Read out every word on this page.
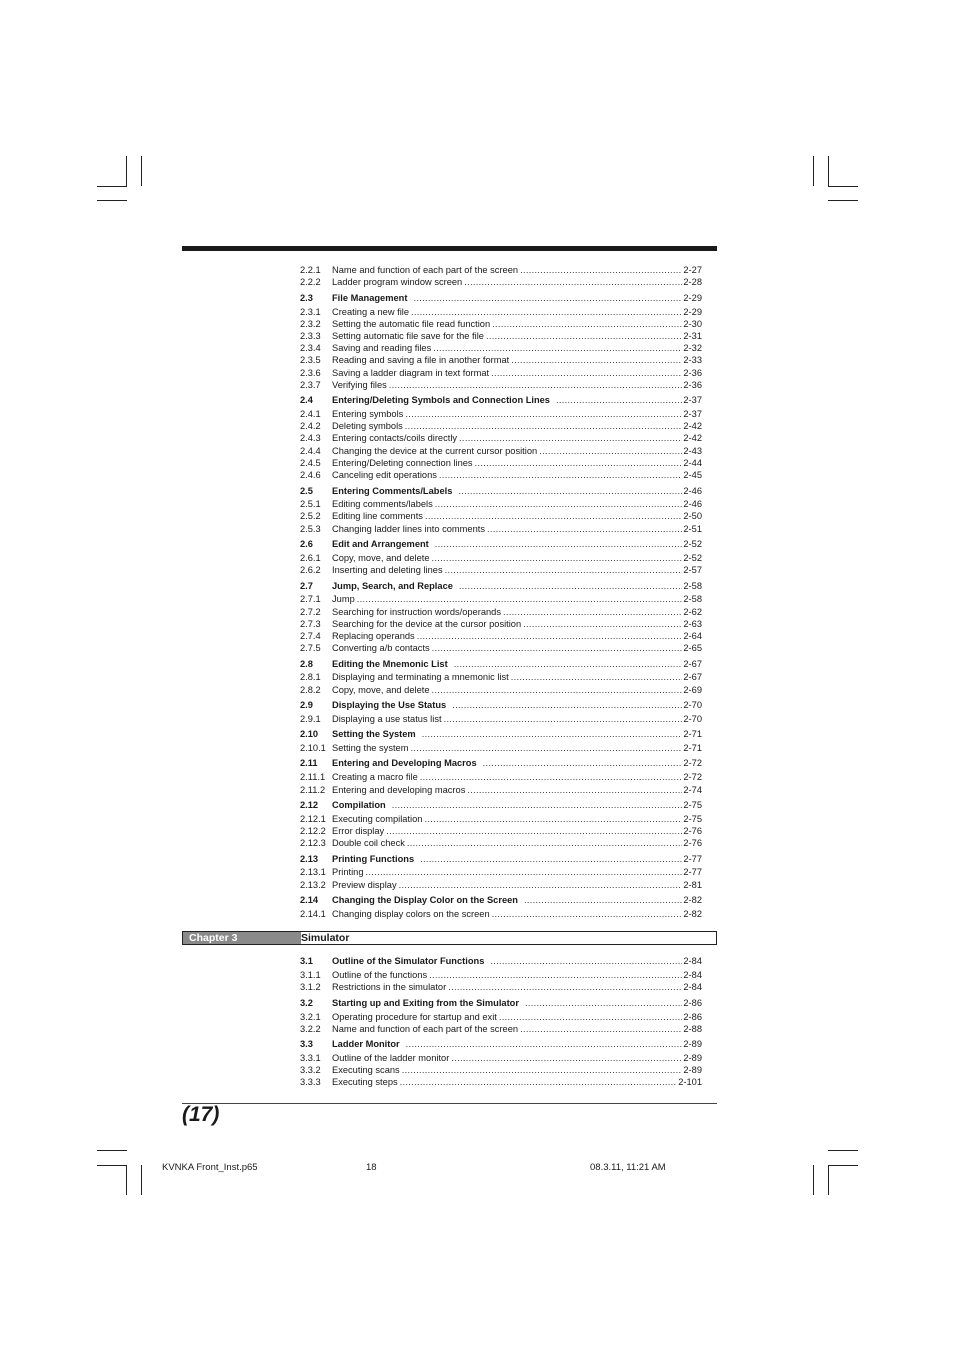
2.2.1	Name and function of each part of the screen .....	2-27
2.2.2	Ladder program window screen .....	2-28
2.3	File Management .....	2-29
2.3.1	Creating a new file .....	2-29
2.3.2	Setting the automatic file read function .....	2-30
2.3.3	Setting automatic file save for the file .....	2-31
2.3.4	Saving and reading files .....	2-32
2.3.5	Reading and saving a file in another format .....	2-33
2.3.6	Saving a ladder diagram in text format .....	2-36
2.3.7	Verifying files .....	2-36
2.4	Entering/Deleting Symbols and Connection Lines .....	2-37
2.4.1	Entering symbols .....	2-37
2.4.2	Deleting symbols .....	2-42
2.4.3	Entering contacts/coils directly .....	2-42
2.4.4	Changing the device at the current cursor position .....	2-43
2.4.5	Entering/Deleting connection lines .....	2-44
2.4.6	Canceling edit operations .....	2-45
2.5	Entering Comments/Labels .....	2-46
2.5.1	Editing comments/labels .....	2-46
2.5.2	Editing line comments .....	2-50
2.5.3	Changing ladder lines into comments .....	2-51
2.6	Edit and Arrangement .....	2-52
2.6.1	Copy, move, and delete .....	2-52
2.6.2	Inserting and deleting lines .....	2-57
2.7	Jump, Search, and Replace .....	2-58
2.7.1	Jump .....	2-58
2.7.2	Searching for instruction words/operands .....	2-62
2.7.3	Searching for the device at the cursor position .....	2-63
2.7.4	Replacing operands .....	2-64
2.7.5	Converting a/b contacts .....	2-65
2.8	Editing the Mnemonic List .....	2-67
2.8.1	Displaying and terminating a mnemonic list .....	2-67
2.8.2	Copy, move, and delete .....	2-69
2.9	Displaying the Use Status .....	2-70
2.9.1	Displaying a use status list .....	2-70
2.10	Setting the System .....	2-71
2.10.1 Setting the system .....	2-71
2.11	Entering and Developing Macros .....	2-72
2.11.1 Creating a macro file .....	2-72
2.11.2 Entering and developing macros .....	2-74
2.12	Compilation .....	2-75
2.12.1 Executing compilation .....	2-75
2.12.2 Error display .....	2-76
2.12.3 Double coil check .....	2-76
2.13	Printing Functions .....	2-77
2.13.1 Printing .....	2-77
2.13.2 Preview display .....	2-81
2.14	Changing the Display Color on the Screen .....	2-82
2.14.1 Changing display colors on the screen .....	2-82
Chapter 3	Simulator
3.1	Outline of the Simulator Functions .....	2-84
3.1.1	Outline of the functions .....	2-84
3.1.2	Restrictions in the simulator .....	2-84
3.2	Starting up and Exiting from the Simulator .....	2-86
3.2.1	Operating procedure for startup and exit .....	2-86
3.2.2	Name and function of each part of the screen .....	2-88
3.3	Ladder Monitor .....	2-89
3.3.1	Outline of the ladder monitor .....	2-89
3.3.2	Executing scans .....	2-89
3.3.3	Executing steps .....	2-101
(17)
KVNKA Front_Inst.p65	18	08.3.11, 11:21 AM
